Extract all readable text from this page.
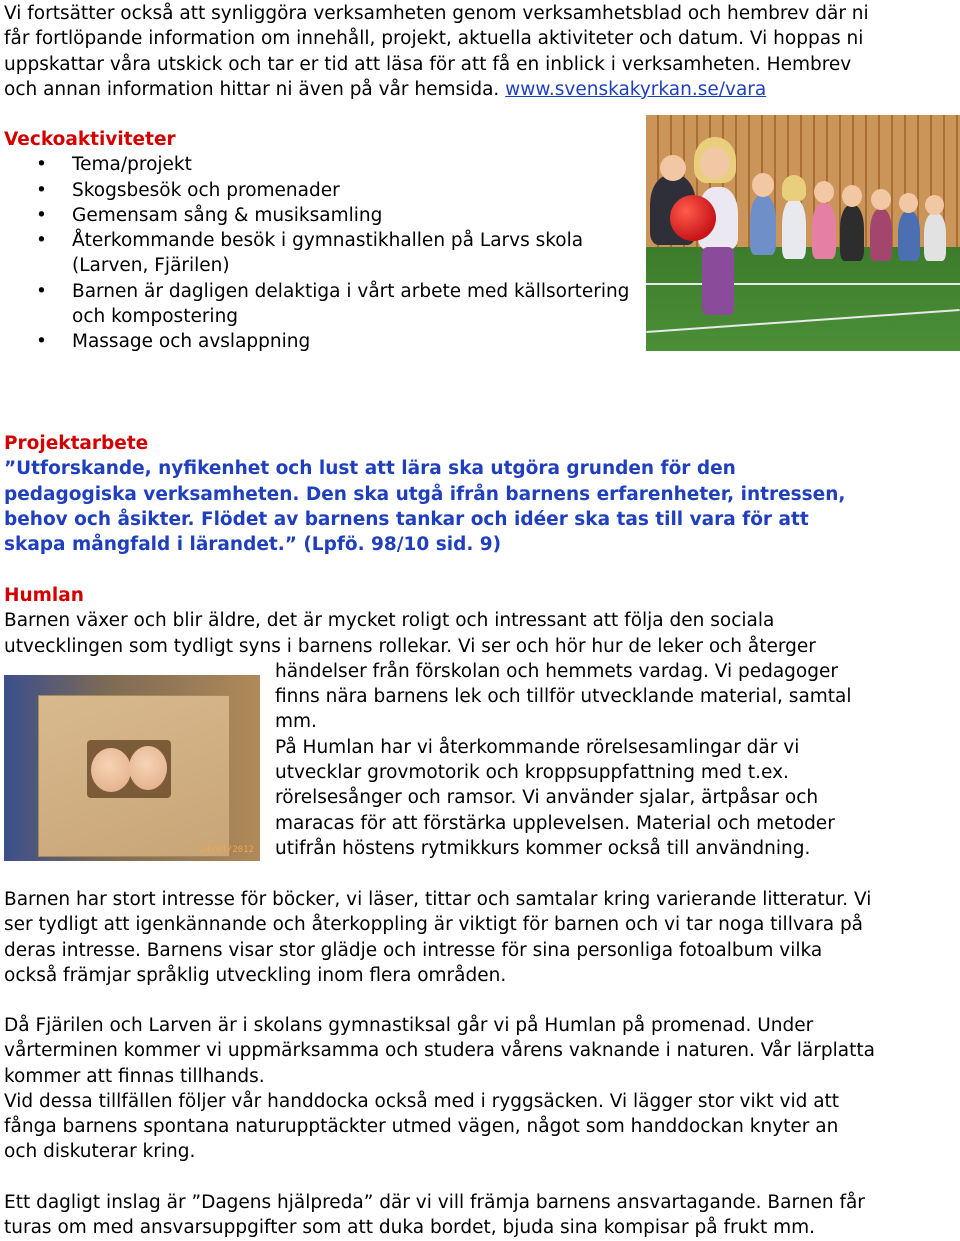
Vi fortsätter också att synliggöra verksamheten genom verksamhetsblad och hembrev där ni
får fortlöpande information om innehåll, projekt, aktuella aktiviteter och datum. Vi hoppas ni
uppskattar våra utskick och tar er tid att läsa för att få en inblick i verksamheten. Hembrev
och annan information hittar ni även på vår hemsida. www.svenskakyrkan.se/vara
Veckoaktiviteter
• Tema/projekt
• Skogsbesök och promenader
• Gemensam sång & musiksamling
• Återkommande besök i gymnastikhallen på Larvs skola
(Larven, Fjärilen)
• Barnen är dagligen delaktiga i vårt arbete med källsortering
och kompostering
• Massage och avslappning
Projektarbete
”Utforskande, nyfikenhet och lust att lära ska utgöra grunden för den
pedagogiska verksamheten. Den ska utgå ifrån barnens erfarenheter, intressen,
behov och åsikter. Flödet av barnens tankar och idéer ska tas till vara för att
skapa mångfald i lärandet.” (Lpfö. 98/10 sid. 9)
Humlan
Barnen växer och blir äldre, det är mycket roligt och intressant att följa den sociala
utvecklingen som tydligt syns i barnens rollekar. Vi ser och hör hur de leker och återger
händelser från förskolan och hemmets vardag. Vi pedagoger
finns nära barnens lek och tillför utvecklande material, samtal
mm.
På Humlan har vi återkommande rörelsesamlingar där vi
utvecklar grovmotorik och kroppsuppfattning med t.ex.
rörelsesånger och ramsor. Vi använder sjalar, ärtpåsar och
maracas för att förstärka upplevelsen. Material och metoder
utifrån höstens rytmikkurs kommer också till användning.
24/01/2012
Barnen har stort intresse för böcker, vi läser, tittar och samtalar kring varierande litteratur. Vi
ser tydligt att igenkännande och återkoppling är viktigt för barnen och vi tar noga tillvara på
deras intresse. Barnens visar stor glädje och intresse för sina personliga fotoalbum vilka
också främjar språklig utveckling inom flera områden.
Då Fjärilen och Larven är i skolans gymnastiksal går vi på Humlan på promenad. Under
vårterminen kommer vi uppmärksamma och studera vårens vaknande i naturen. Vår lärplatta
kommer att finnas tillhands.
Vid dessa tillfällen följer vår handdocka också med i ryggsäcken. Vi lägger stor vikt vid att
fånga barnens spontana naturupptäckter utmed vägen, något som handdockan knyter an
och diskuterar kring.
Ett dagligt inslag är ”Dagens hjälpreda” där vi vill främja barnens ansvartagande. Barnen får
turas om med ansvarsuppgifter som att duka bordet, bjuda sina kompisar på frukt mm.
